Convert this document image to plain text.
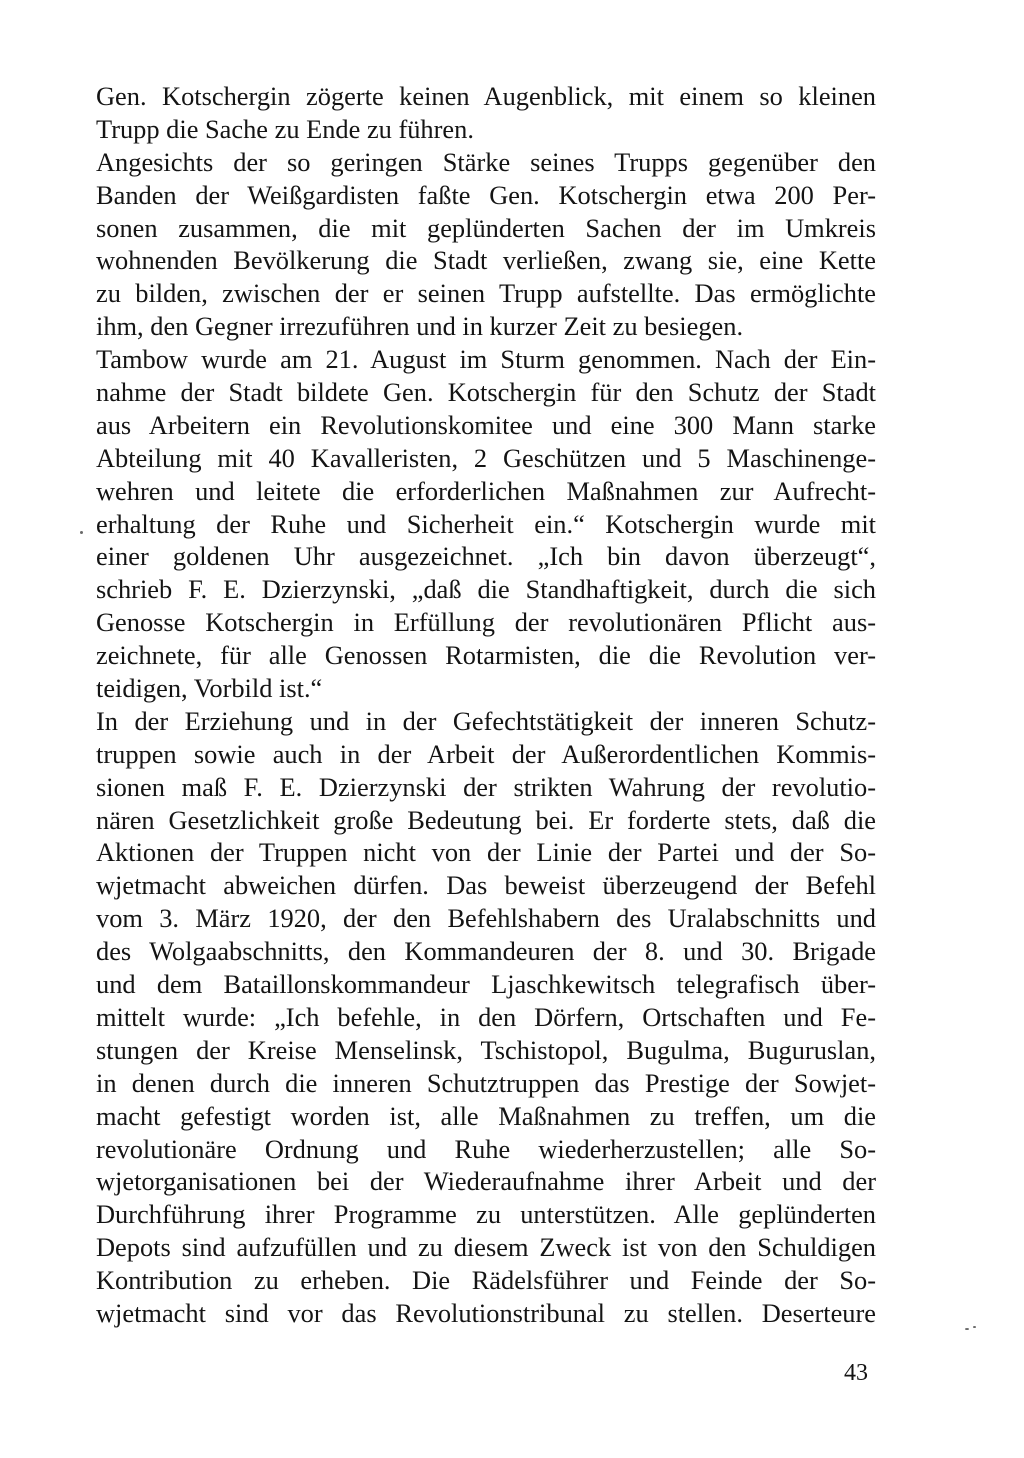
Gen. Kotschergin zögerte keinen Augenblick, mit einem so kleinen
Trupp die Sache zu Ende zu führen.
Angesichts der so geringen Stärke seines Trupps gegenüber den
Banden der Weißgardisten faßte Gen. Kotschergin etwa 200 Per-
sonen zusammen, die mit geplünderten Sachen der im Umkreis
wohnenden Bevölkerung die Stadt verließen, zwang sie, eine Kette
zu bilden, zwischen der er seinen Trupp aufstellte. Das ermöglichte
ihm, den Gegner irrezuführen und in kurzer Zeit zu besiegen.
Tambow wurde am 21. August im Sturm genommen. Nach der Ein-
nahme der Stadt bildete Gen. Kotschergin für den Schutz der Stadt
aus Arbeitern ein Revolutionskomitee und eine 300 Mann starke
Abteilung mit 40 Kavalleristen, 2 Geschützen und 5 Maschinenge-
wehren und leitete die erforderlichen Maßnahmen zur Aufrecht-
erhaltung der Ruhe und Sicherheit ein.“ Kotschergin wurde mit
einer goldenen Uhr ausgezeichnet. „Ich bin davon überzeugt“,
schrieb F. E. Dzierzynski, „daß die Standhaftigkeit, durch die sich
Genosse Kotschergin in Erfüllung der revolutionären Pflicht aus-
zeichnete, für alle Genossen Rotarmisten, die die Revolution ver-
teidigen, Vorbild ist.“
In der Erziehung und in der Gefechtstätigkeit der inneren Schutz-
truppen sowie auch in der Arbeit der Außerordentlichen Kommis-
sionen maß F. E. Dzierzynski der strikten Wahrung der revolutio-
nären Gesetzlichkeit große Bedeutung bei. Er forderte stets, daß die
Aktionen der Truppen nicht von der Linie der Partei und der So-
wjetmacht abweichen dürfen. Das beweist überzeugend der Befehl
vom 3. März 1920, der den Befehlshabern des Uralabschnitts und
des Wolgaabschnitts, den Kommandeuren der 8. und 30. Brigade
und dem Bataillonskommandeur Ljaschkewitsch telegrafisch über-
mittelt wurde: „Ich befehle, in den Dörfern, Ortschaften und Fe-
stungen der Kreise Menselinsk, Tschistopol, Bugulma, Buguruslan,
in denen durch die inneren Schutztruppen das Prestige der Sowjet-
macht gefestigt worden ist, alle Maßnahmen zu treffen, um die
revolutionäre Ordnung und Ruhe wiederherzustellen; alle So-
wjetorganisationen bei der Wiederaufnahme ihrer Arbeit und der
Durchführung ihrer Programme zu unterstützen. Alle geplünderten
Depots sind aufzufüllen und zu diesem Zweck ist von den Schuldigen
Kontribution zu erheben. Die Rädelsführer und Feinde der So-
wjetmacht sind vor das Revolutionstribunal zu stellen. Deserteure
43
